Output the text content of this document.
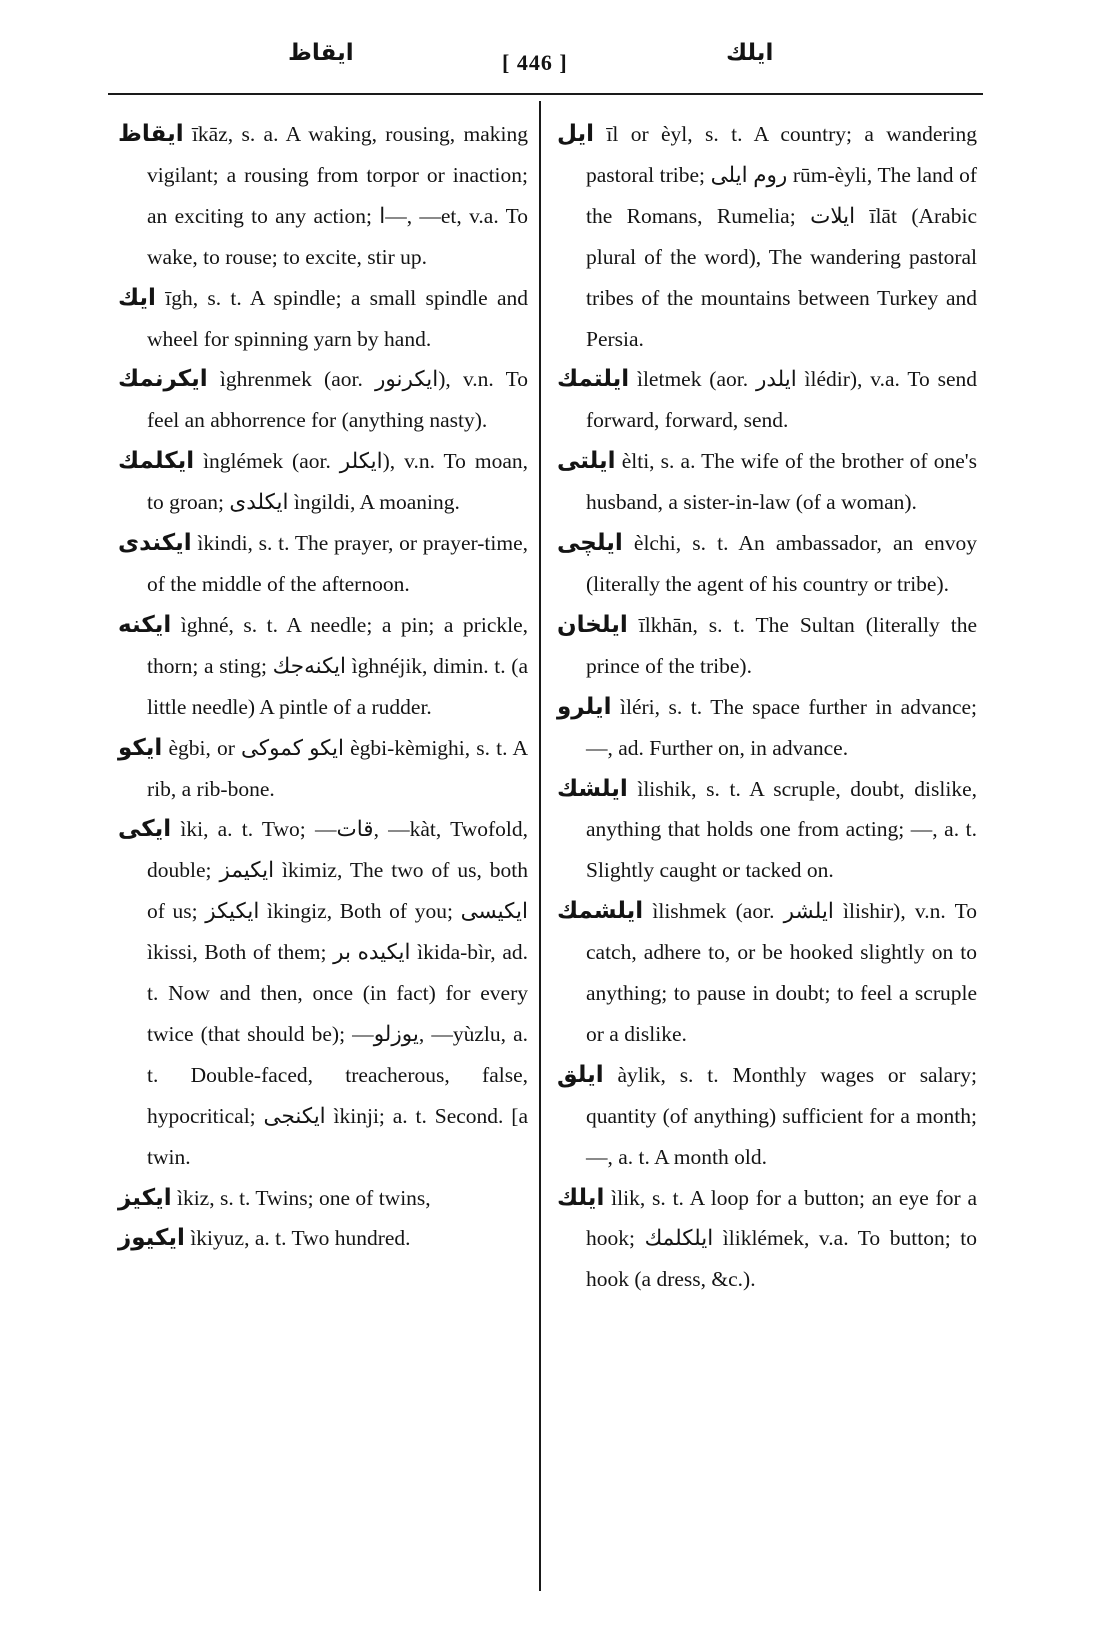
ایقاظ	[ 446 ]	ایلك

ایقاظ īkāz, s. a. A waking, rousing, making vigilant; a rousing from torpor or inaction; an exciting to any action; ا—, —et, v.a. To wake, to rouse; to excite, stir up.

ایك īgh, s. t. A spindle; a small spindle and wheel for spinning yarn by hand.

ایكرنمك ìghrenmek (aor. ایكرنور), v.n. To feel an abhorrence for (anything nasty).

ایكلمك ìnglémek (aor. ایكلر), v.n. To moan, to groan; ایكلدی ìngildi, A moaning.

ایكندی ìkindi, s. t. The prayer, or prayer-time, of the middle of the afternoon.

ایكنه ìghné, s. t. A needle; a pin; a prickle, thorn; a sting; ایكنه‌جك ìghnéjik, dimin. t. (a little needle) A pintle of a rudder.

ایكو ègbi, or ایكو كموكی ègbi-kèmighi, s. t. A rib, a rib-bone.

ایكی ìki, a. t. Two; —قات, —kàt, Twofold, double; ایكیمز ìkimiz, The two of us, both of us; ایكیكز ìkingiz, Both of you; ایكیسی ìkissi, Both of them; ایكیده بر ìkida-bìr, ad. t. Now and then, once (in fact) for every twice (that should be); —یوزلو, —yùzlu, a. t. Double-faced, treacherous, false, hypocritical; ایكنجی ìkinji; a. t. Second. [a twin.

ایكیز ìkiz, s. t. Twins; one of twins,

ایكیوز ìkiyuz, a. t. Two hundred.

ایل īl or èyl, s. t. A country; a wandering pastoral tribe; روم ایلی rūm-èyli, The land of the Romans, Rumelia; ایلات īlāt (Arabic plural of the word), The wandering pastoral tribes of the mountains between Turkey and Persia.

ایلتمك ìletmek (aor. ایلدر ìlédir), v.a. To send forward, forward, send.

ایلتی èlti, s. a. The wife of the brother of one's husband, a sister-in-law (of a woman).

ایلچی èlchi, s. t. An ambassador, an envoy (literally the agent of his country or tribe).

ایلخان īlkhān, s. t. The Sultan (literally the prince of the tribe).

ایلرو ìléri, s. t. The space further in advance; —, ad. Further on, in advance.

ایلشك ìlishik, s. t. A scruple, doubt, dislike, anything that holds one from acting; —, a. t. Slightly caught or tacked on.

ایلشمك ìlishmek (aor. ایلشر ìlishir), v.n. To catch, adhere to, or be hooked slightly on to anything; to pause in doubt; to feel a scruple or a dislike.

ایلق àylik, s. t. Monthly wages or salary; quantity (of anything) sufficient for a month; —, a. t. A month old.

ایلك ìlik, s. t. A loop for a button; an eye for a hook; ایلكلمك ìliklémek, v.a. To button; to hook (a dress, &c.).
